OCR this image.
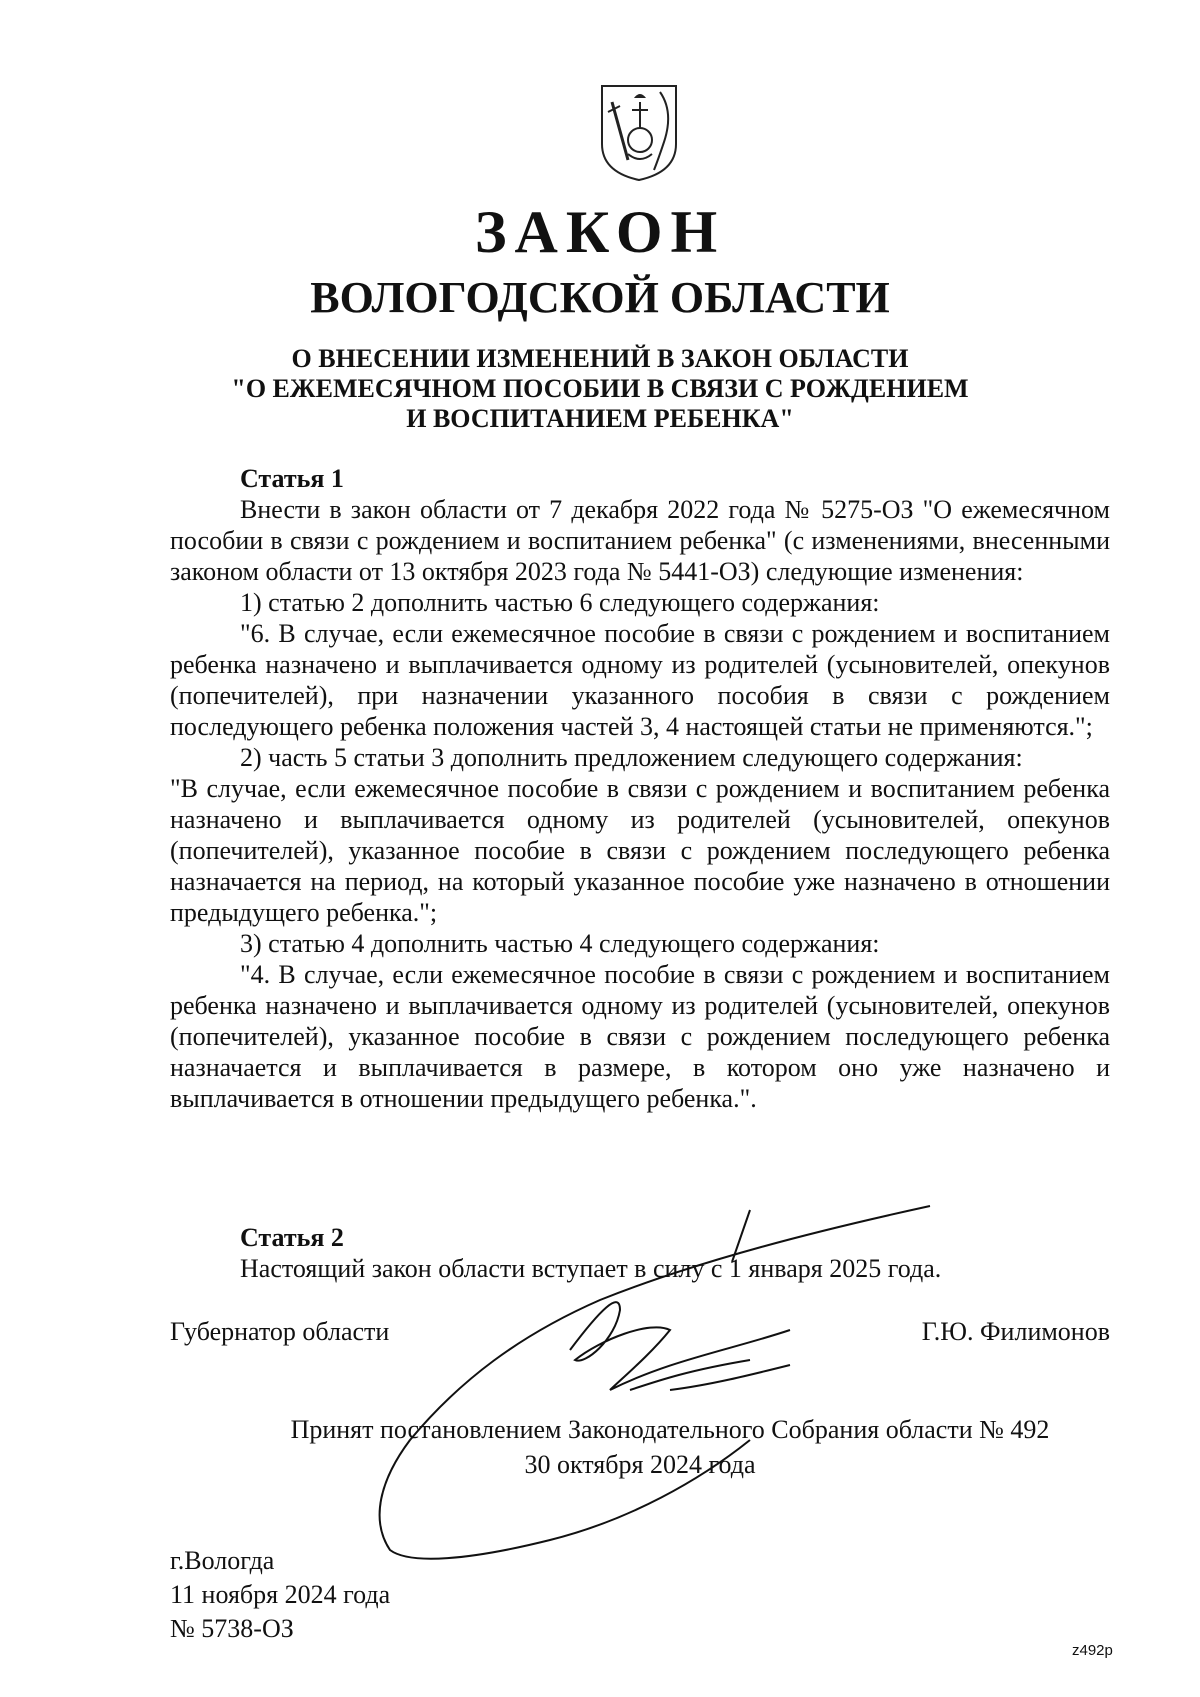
ЗАКОН
ВОЛОГОДСКОЙ ОБЛАСТИ
О ВНЕСЕНИИ ИЗМЕНЕНИЙ В ЗАКОН ОБЛАСТИ
"О ЕЖЕМЕСЯЧНОМ ПОСОБИИ В СВЯЗИ С РОЖДЕНИЕМ
И ВОСПИТАНИЕМ РЕБЕНКА"

Статья 1

Внести в закон области от 7 декабря 2022 года № 5275-ОЗ "О ежемесячном пособии в связи с рождением и воспитанием ребенка" (с изменениями, внесенными законом области от 13 октября 2023 года № 5441-ОЗ) следующие изменения:

1) статью 2 дополнить частью 6 следующего содержания:

"6. В случае, если ежемесячное пособие в связи с рождением и воспитанием ребенка назначено и выплачивается одному из родителей (усыновителей, опекунов (попечителей), при назначении указанного пособия в связи с рождением последующего ребенка положения частей 3, 4 настоящей статьи не применяются.";

2) часть 5 статьи 3 дополнить предложением следующего содержания:

"В случае, если ежемесячное пособие в связи с рождением и воспитанием ребенка назначено и выплачивается одному из родителей (усыновителей, опекунов (попечителей), указанное пособие в связи с рождением последующего ребенка назначается на период, на который указанное пособие уже назначено в отношении предыдущего ребенка.";

3) статью 4 дополнить частью 4 следующего содержания:

"4. В случае, если ежемесячное пособие в связи с рождением и воспитанием ребенка назначено и выплачивается одному из родителей (усыновителей, опекунов (попечителей), указанное пособие в связи с рождением последующего ребенка назначается и выплачивается в размере, в котором оно уже назначено и выплачивается в отношении предыдущего ребенка.".

Статья 2

Настоящий закон области вступает в силу с 1 января 2025 года.

Губернатор области	Г.Ю. Филимонов
Принят постановлением Законодательного Собрания области № 492
30 октября 2024 года
г.Вологда
11 ноября 2024 года
№ 5738-ОЗ
z492p
